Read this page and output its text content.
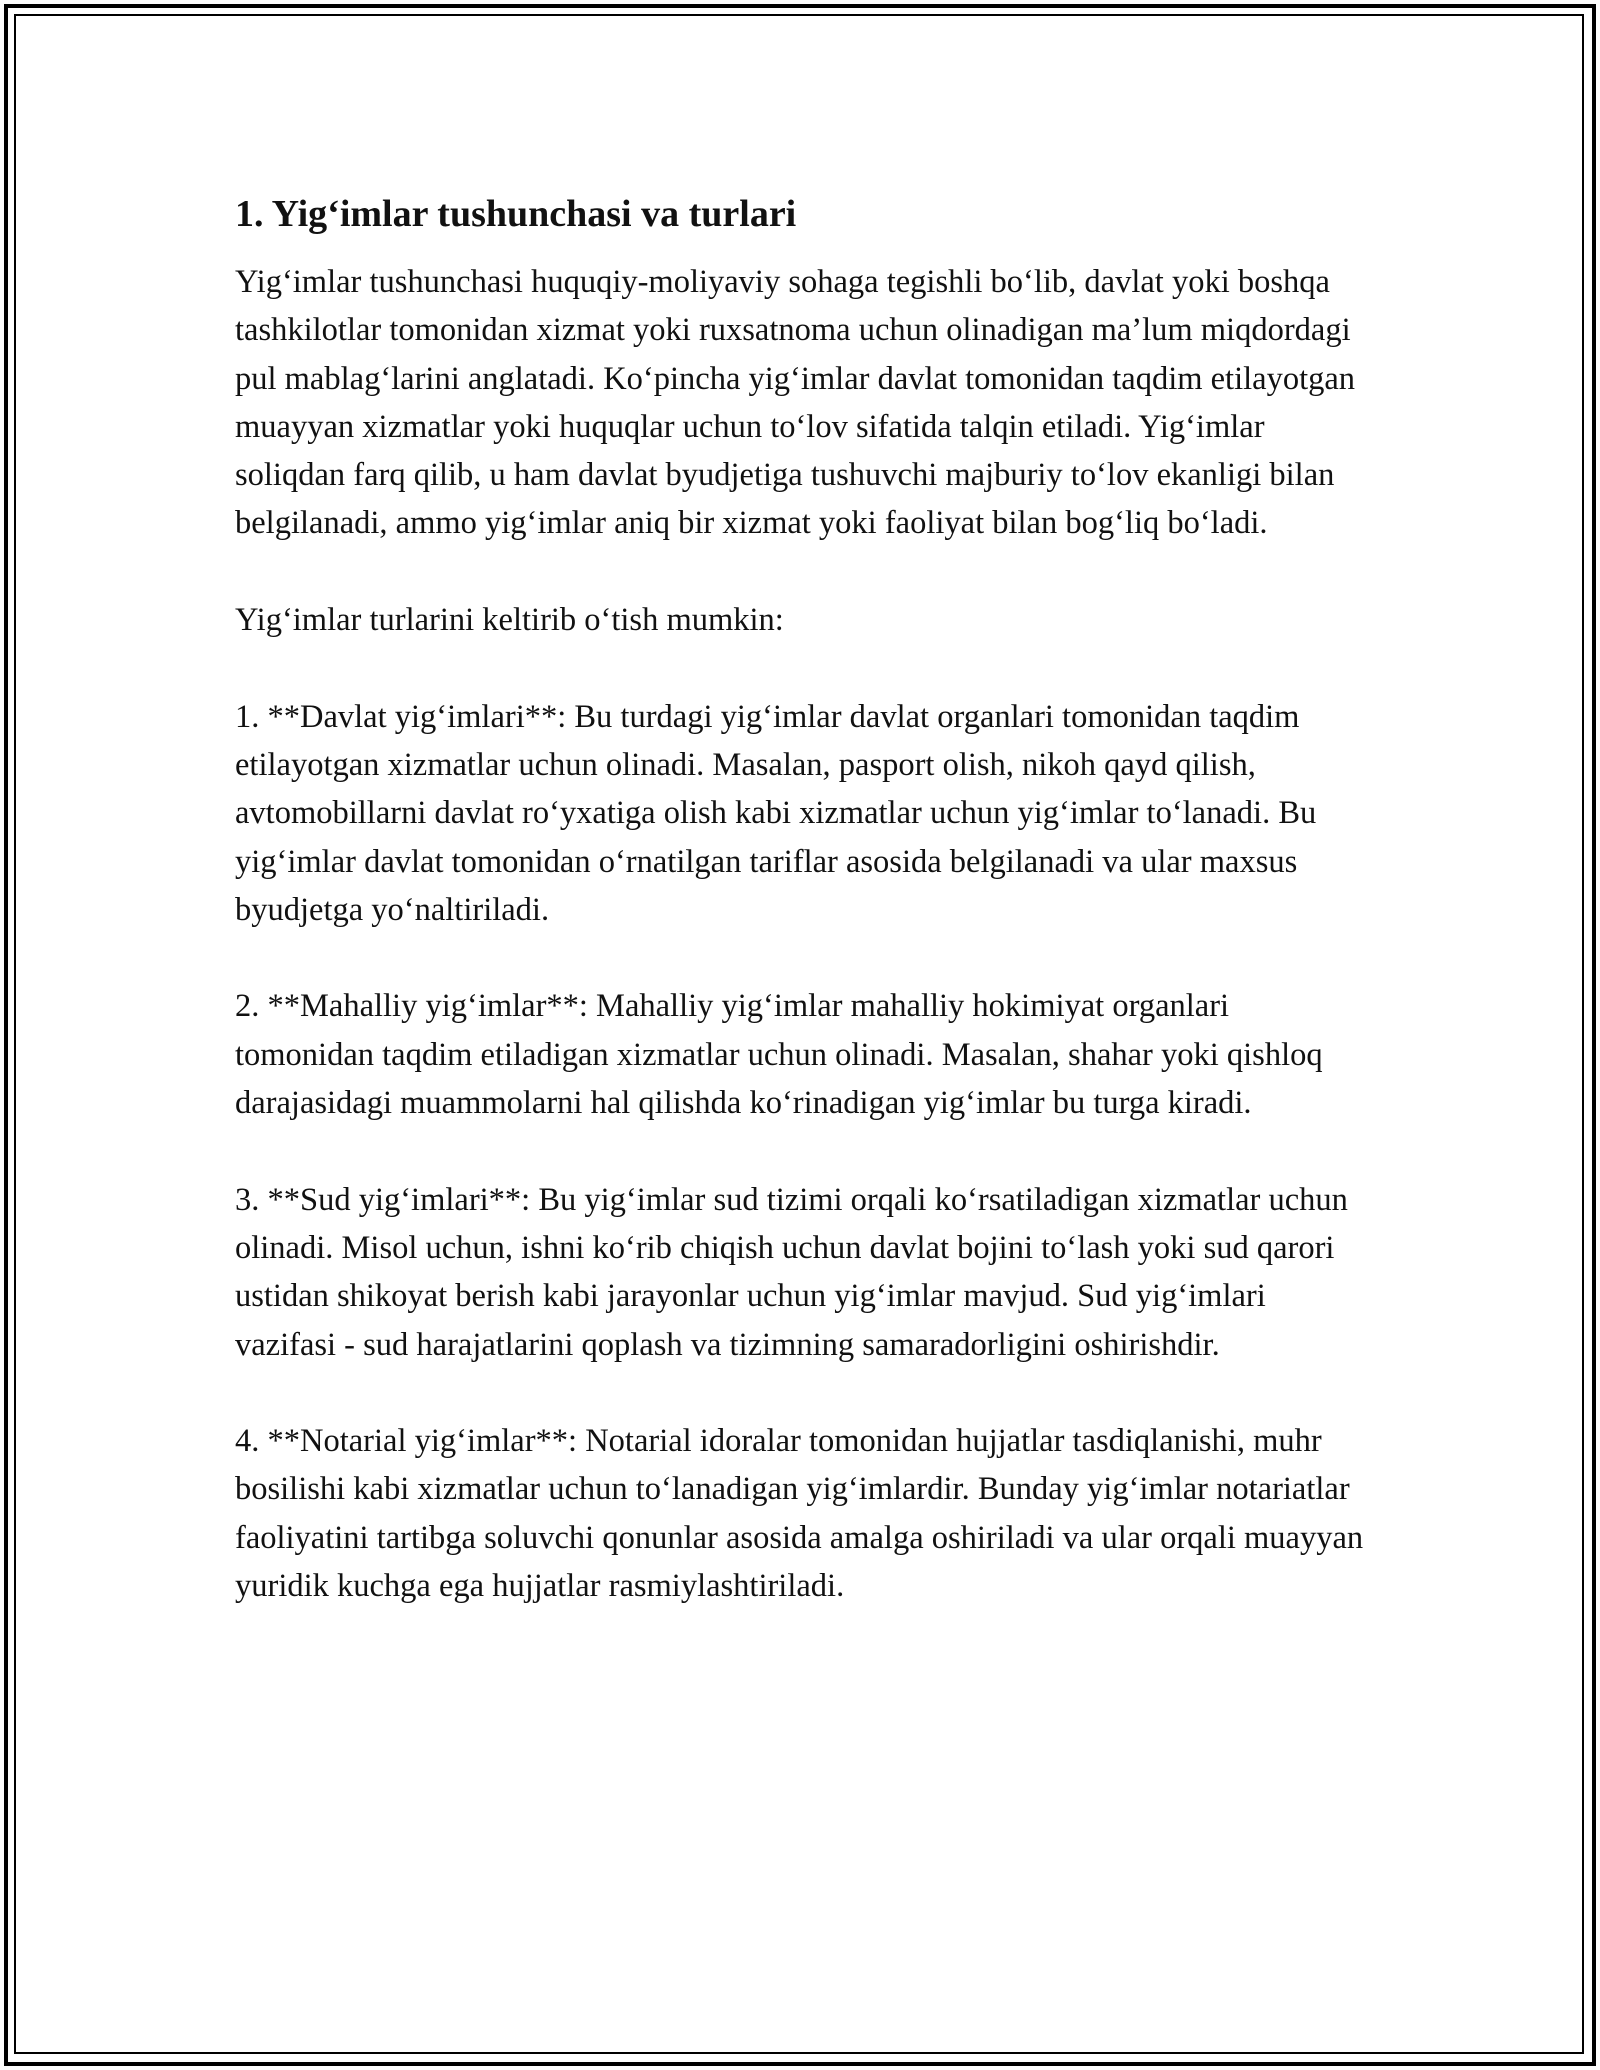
1. Yig‘imlar tushunchasi va turlari

Yig‘imlar tushunchasi huquqiy-moliyaviy sohaga tegishli bo‘lib, davlat yoki boshqa tashkilotlar tomonidan xizmat yoki ruxsatnoma uchun olinadigan ma’lum miqdordagi pul mablag‘larini anglatadi. Ko‘pincha yig‘imlar davlat tomonidan taqdim etilayotgan muayyan xizmatlar yoki huquqlar uchun to‘lov sifatida talqin etiladi. Yig‘imlar soliqdan farq qilib, u ham davlat byudjetiga tushuvchi majburiy to‘lov ekanligi bilan belgilanadi, ammo yig‘imlar aniq bir xizmat yoki faoliyat bilan bog‘liq bo‘ladi.

Yig‘imlar turlarini keltirib o‘tish mumkin:

1. **Davlat yig‘imlari**: Bu turdagi yig‘imlar davlat organlari tomonidan taqdim etilayotgan xizmatlar uchun olinadi. Masalan, pasport olish, nikoh qayd qilish, avtomobillarni davlat ro‘yxatiga olish kabi xizmatlar uchun yig‘imlar to‘lanadi. Bu yig‘imlar davlat tomonidan o‘rnatilgan tariflar asosida belgilanadi va ular maxsus byudjetga yo‘naltiriladi.

2. **Mahalliy yig‘imlar**: Mahalliy yig‘imlar mahalliy hokimiyat organlari tomonidan taqdim etiladigan xizmatlar uchun olinadi. Masalan, shahar yoki qishloq darajasidagi muammolarni hal qilishda ko‘rinadigan yig‘imlar bu turga kiradi.

3. **Sud yig‘imlari**: Bu yig‘imlar sud tizimi orqali ko‘rsatiladigan xizmatlar uchun olinadi. Misol uchun, ishni ko‘rib chiqish uchun davlat bojini to‘lash yoki sud qarori ustidan shikoyat berish kabi jarayonlar uchun yig‘imlar mavjud. Sud yig‘imlari vazifasi - sud harajatlarini qoplash va tizimning samaradorligini oshirishdir.

4. **Notarial yig‘imlar**: Notarial idoralar tomonidan hujjatlar tasdiqlanishi, muhr bosilishi kabi xizmatlar uchun to‘lanadigan yig‘imlardir. Bunday yig‘imlar notariatlar faoliyatini tartibga soluvchi qonunlar asosida amalga oshiriladi va ular orqali muayyan yuridik kuchga ega hujjatlar rasmiylashtiriladi.
